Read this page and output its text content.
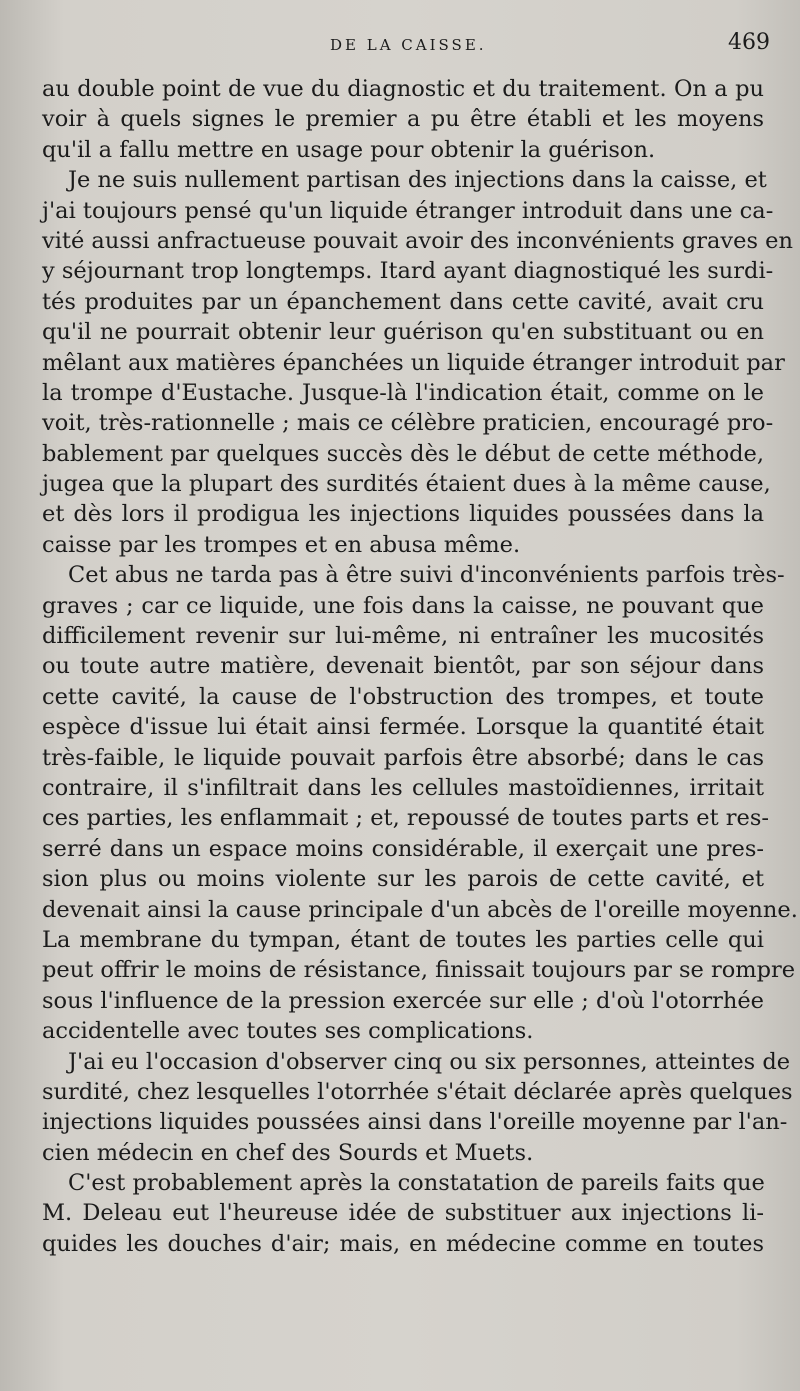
DE LA CAISSE.	469
au double point de vue du diagnostic et du traitement. On a pu
voir à quels signes le premier a pu être établi et les moyens
qu'il a fallu mettre en usage pour obtenir la guérison.
Je ne suis nullement partisan des injections dans la caisse, et
j'ai toujours pensé qu'un liquide étranger introduit dans une ca-
vité aussi anfractueuse pouvait avoir des inconvénients graves en
y séjournant trop longtemps. Itard ayant diagnostiqué les surdi-
tés produites par un épanchement dans cette cavité, avait cru
qu'il ne pourrait obtenir leur guérison qu'en substituant ou en
mêlant aux matières épanchées un liquide étranger introduit par
la trompe d'Eustache. Jusque-là l'indication était, comme on le
voit, très-rationnelle ; mais ce célèbre praticien, encouragé pro-
bablement par quelques succès dès le début de cette méthode,
jugea que la plupart des surdités étaient dues à la même cause,
et dès lors il prodigua les injections liquides poussées dans la
caisse par les trompes et en abusa même.
Cet abus ne tarda pas à être suivi d'inconvénients parfois très-
graves ; car ce liquide, une fois dans la caisse, ne pouvant que
difficilement revenir sur lui-même, ni entraîner les mucosités
ou toute autre matière, devenait bientôt, par son séjour dans
cette cavité, la cause de l'obstruction des trompes, et toute
espèce d'issue lui était ainsi fermée. Lorsque la quantité était
très-faible, le liquide pouvait parfois être absorbé; dans le cas
contraire, il s'infiltrait dans les cellules mastoïdiennes, irritait
ces parties, les enflammait ; et, repoussé de toutes parts et res-
serré dans un espace moins considérable, il exerçait une pres-
sion plus ou moins violente sur les parois de cette cavité, et
devenait ainsi la cause principale d'un abcès de l'oreille moyenne.
La membrane du tympan, étant de toutes les parties celle qui
peut offrir le moins de résistance, finissait toujours par se rompre
sous l'influence de la pression exercée sur elle ; d'où l'otorrhée
accidentelle avec toutes ses complications.
J'ai eu l'occasion d'observer cinq ou six personnes, atteintes de
surdité, chez lesquelles l'otorrhée s'était déclarée après quelques
injections liquides poussées ainsi dans l'oreille moyenne par l'an-
cien médecin en chef des Sourds et Muets.
C'est probablement après la constatation de pareils faits que
M. Deleau eut l'heureuse idée de substituer aux injections li-
quides les douches d'air; mais, en médecine comme en toutes
